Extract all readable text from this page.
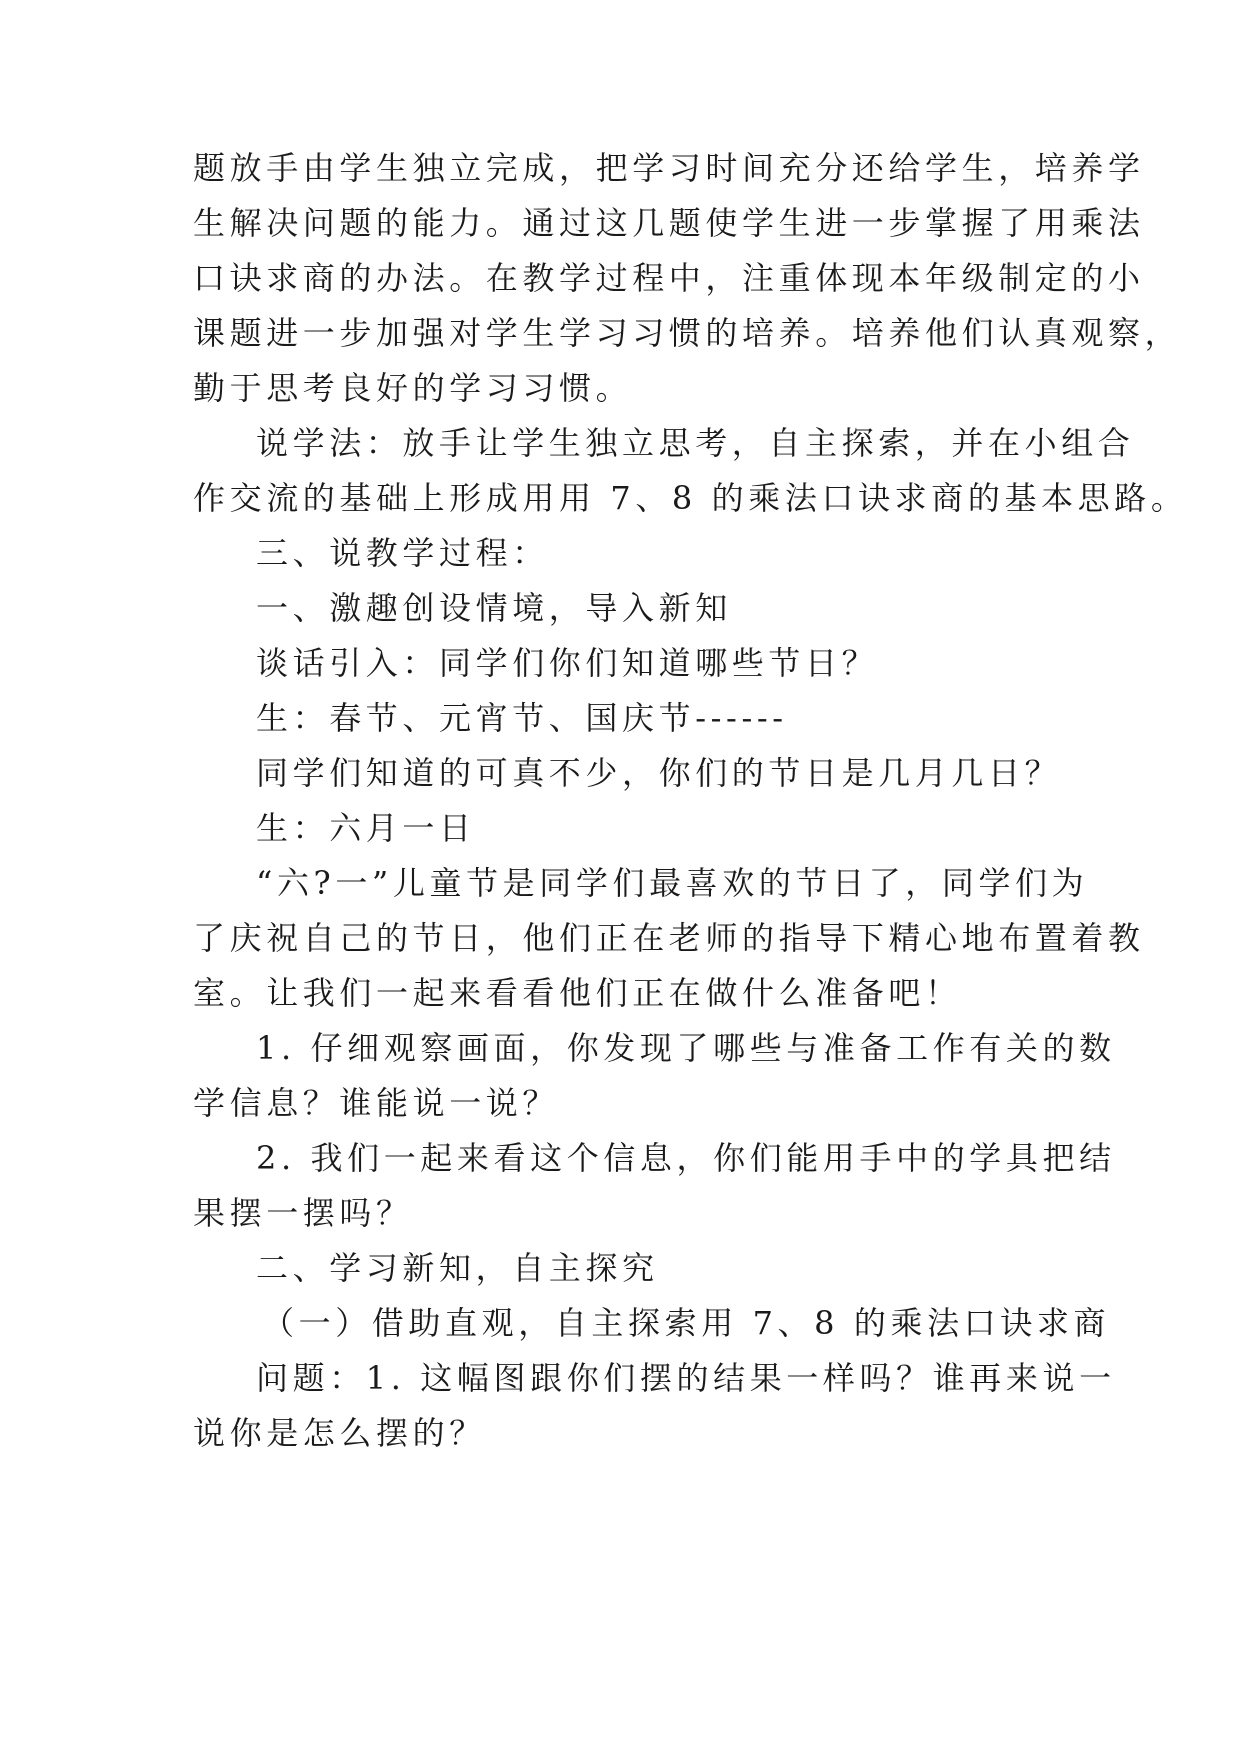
题放手由学生独立完成，把学习时间充分还给学生，培养学
生解决问题的能力。通过这几题使学生进一步掌握了用乘法
口诀求商的办法。在教学过程中，注重体现本年级制定的小
课题进一步加强对学生学习习惯的培养。培养他们认真观察，
勤于思考良好的学习习惯。
说学法：放手让学生独立思考，自主探索，并在小组合
作交流的基础上形成用用 7、8 的乘法口诀求商的基本思路。
三、说教学过程：
一、激趣创设情境，导入新知
谈话引入：同学们你们知道哪些节日？
生：春节、元宵节、国庆节------
同学们知道的可真不少，你们的节日是几月几日？
生：六月一日
“六?一”儿童节是同学们最喜欢的节日了，同学们为
了庆祝自己的节日，他们正在老师的指导下精心地布置着教
室。让我们一起来看看他们正在做什么准备吧！
1. 仔细观察画面，你发现了哪些与准备工作有关的数
学信息？谁能说一说？
2. 我们一起来看这个信息，你们能用手中的学具把结
果摆一摆吗？
二、学习新知，自主探究
（一）借助直观，自主探索用 7、8 的乘法口诀求商
问题：1. 这幅图跟你们摆的结果一样吗？谁再来说一
说你是怎么摆的？
